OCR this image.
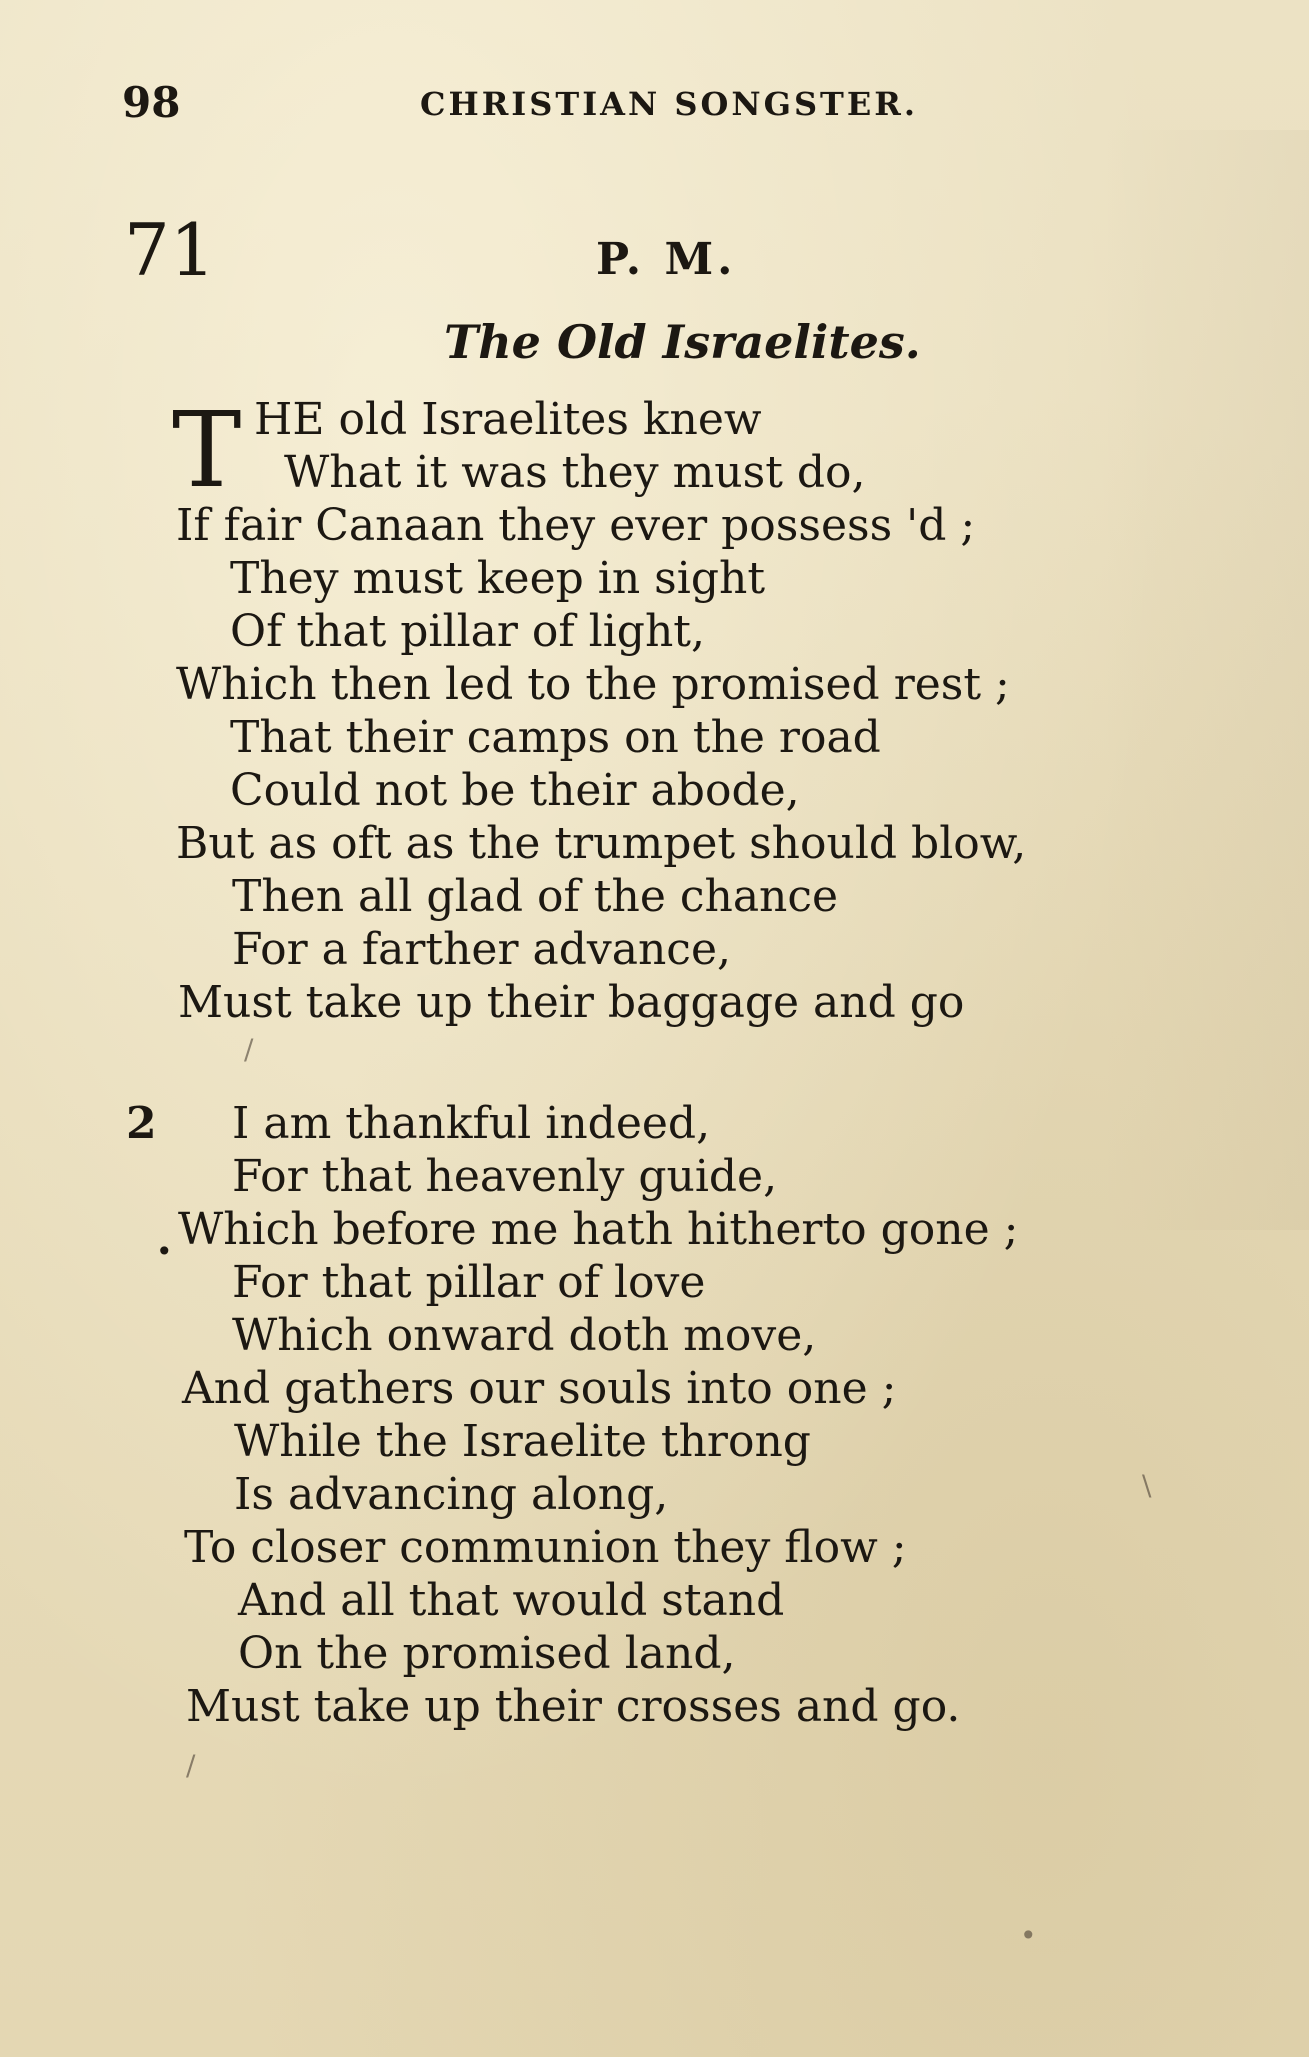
98	CHRISTIAN SONGSTER.
71	P. M.
The Old Israelites.
T HE old Israelites knew
What it was they must do,
If fair Canaan they ever possess 'd ;
They must keep in sight
Of that pillar of light,
Which then led to the promised rest ;
That their camps on the road
Could not be their abode,
But as oft as the trumpet should blow,
Then all glad of the chance
For a farther advance,
Must take up their baggage and go
2
•
I am thankful indeed,
For that heavenly guide,
Which before me hath hitherto gone ;
For that pillar of love
Which onward doth move,
And gathers our souls into one ;
While the Israelite throng
Is advancing along,
To closer communion they flow ;
And all that would stand
On the promised land,
Must take up their crosses and go.
/
\
/
•
